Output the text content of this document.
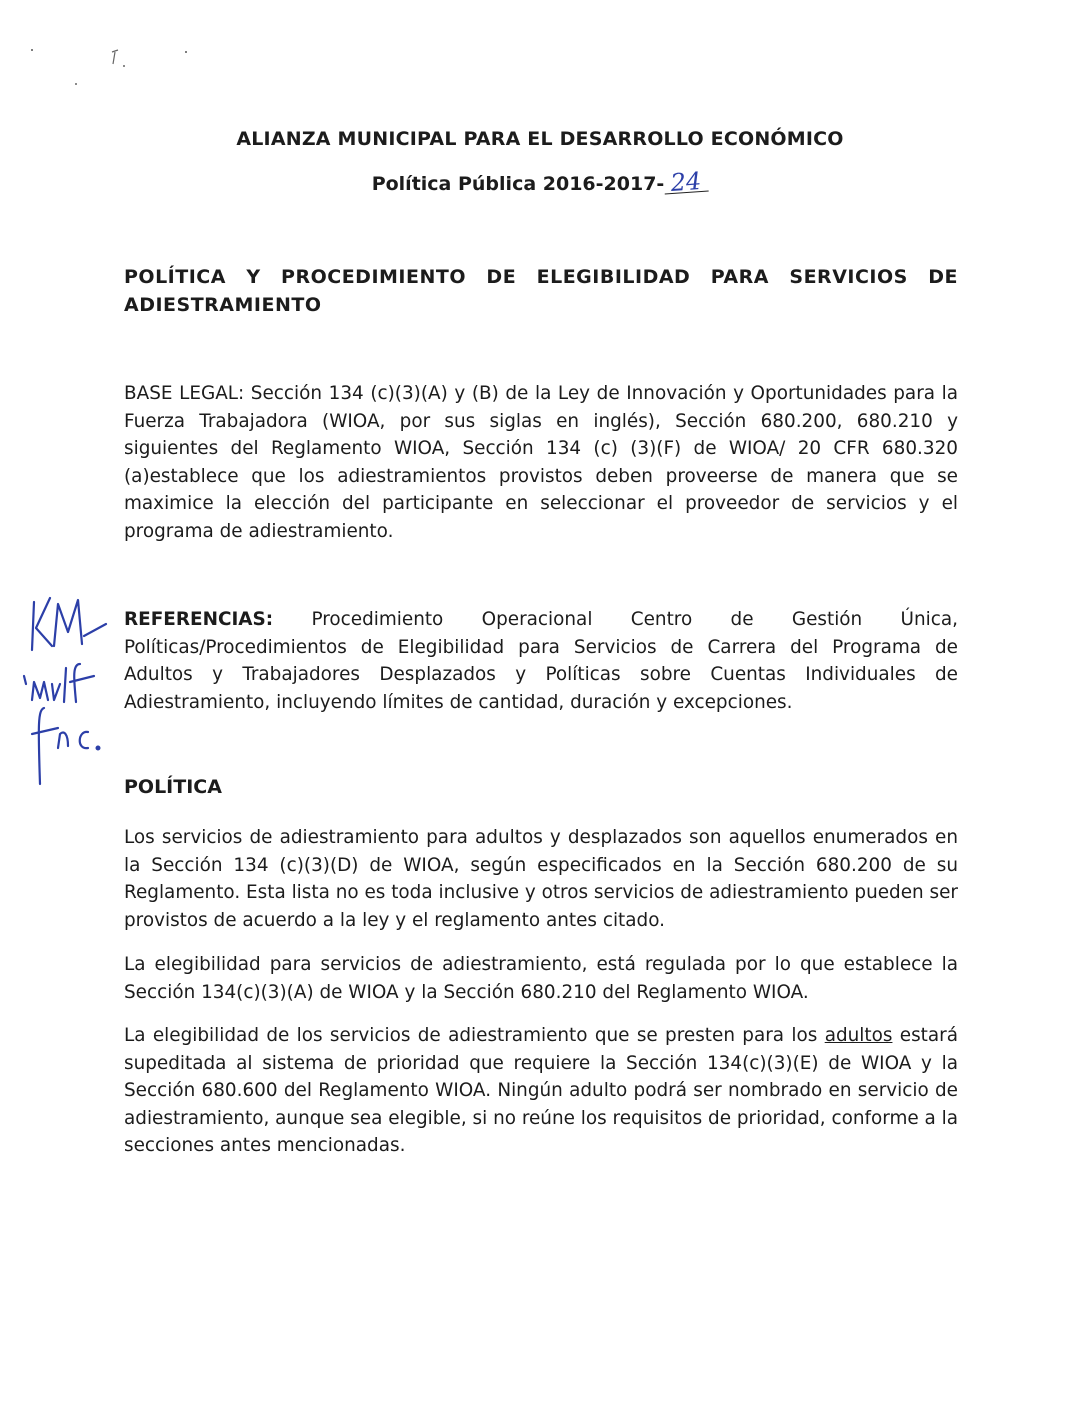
ALIANZA MUNICIPAL PARA EL DESARROLLO ECONÓMICO
Política Pública 2016-2017- 24
POLÍTICA Y PROCEDIMIENTO DE ELEGIBILIDAD PARA SERVICIOS DE ADIESTRAMIENTO

BASE LEGAL: Sección 134 (c)(3)(A) y (B) de la Ley de Innovación y Oportunidades para la Fuerza Trabajadora (WIOA, por sus siglas en inglés), Sección 680.200, 680.210 y siguientes del Reglamento WIOA, Sección 134 (c) (3)(F) de WIOA/ 20 CFR 680.320 (a)establece que los adiestramientos provistos deben proveerse de manera que se maximice la elección del participante en seleccionar el proveedor de servicios y el programa de adiestramiento.

REFERENCIAS: Procedimiento Operacional Centro de Gestión Única, Políticas/Procedimientos de Elegibilidad para Servicios de Carrera del Programa de Adultos y Trabajadores Desplazados y Políticas sobre Cuentas Individuales de Adiestramiento, incluyendo límites de cantidad, duración y excepciones.

POLÍTICA

Los servicios de adiestramiento para adultos y desplazados son aquellos enumerados en la Sección 134 (c)(3)(D) de WIOA, según especificados en la Sección 680.200 de su Reglamento. Esta lista no es toda inclusive y otros servicios de adiestramiento pueden ser provistos de acuerdo a la ley y el reglamento antes citado.

La elegibilidad para servicios de adiestramiento, está regulada por lo que establece la Sección 134(c)(3)(A) de WIOA y la Sección 680.210 del Reglamento WIOA.

La elegibilidad de los servicios de adiestramiento que se presten para los adultos estará supeditada al sistema de prioridad que requiere la Sección 134(c)(3)(E) de WIOA y la Sección 680.600 del Reglamento WIOA. Ningún adulto podrá ser nombrado en servicio de adiestramiento, aunque sea elegible, si no reúne los requisitos de prioridad, conforme a la secciones antes mencionadas.
